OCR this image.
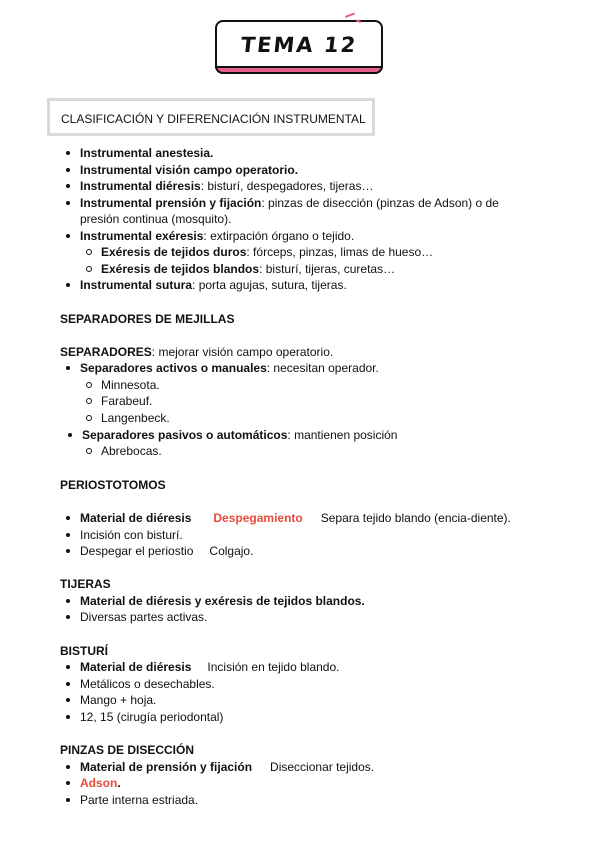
TEMA 12
CLASIFICACIÓN Y DIFERENCIACIÓN INSTRUMENTAL
Instrumental anestesia.
Instrumental visión campo operatorio.
Instrumental diéresis: bisturí, despegadores, tijeras…
Instrumental prensión y fijación: pinzas de disección (pinzas de Adson) o de
presión continua (mosquito).
Instrumental exéresis: extirpación órgano o tejido.
Exéresis de tejidos duros: fórceps, pinzas, limas de hueso…
Exéresis de tejidos blandos: bisturí, tijeras, curetas…
Instrumental sutura: porta agujas, sutura, tijeras.
SEPARADORES DE MEJILLAS
SEPARADORES: mejorar visión campo operatorio.
Separadores activos o manuales: necesitan operador.
Minnesota.
Farabeuf.
Langenbeck.
Separadores pasivos o automáticos: mantienen posición
Abrebocas.
PERIOSTOTOMOS
Material de diéresis Despegamiento Separa tejido blando (encia-diente).
Incisión con bisturí.
Despegar el periostio Colgajo.
TIJERAS
Material de diéresis y exéresis de tejidos blandos.
Diversas partes activas.
BISTURÍ
Material de diéresis Incisión en tejido blando.
Metálicos o desechables.
Mango + hoja.
12, 15 (cirugía periodontal)
PINZAS DE DISECCIÓN
Material de prensión y fijación Diseccionar tejidos.
Adson.
Parte interna estriada.
